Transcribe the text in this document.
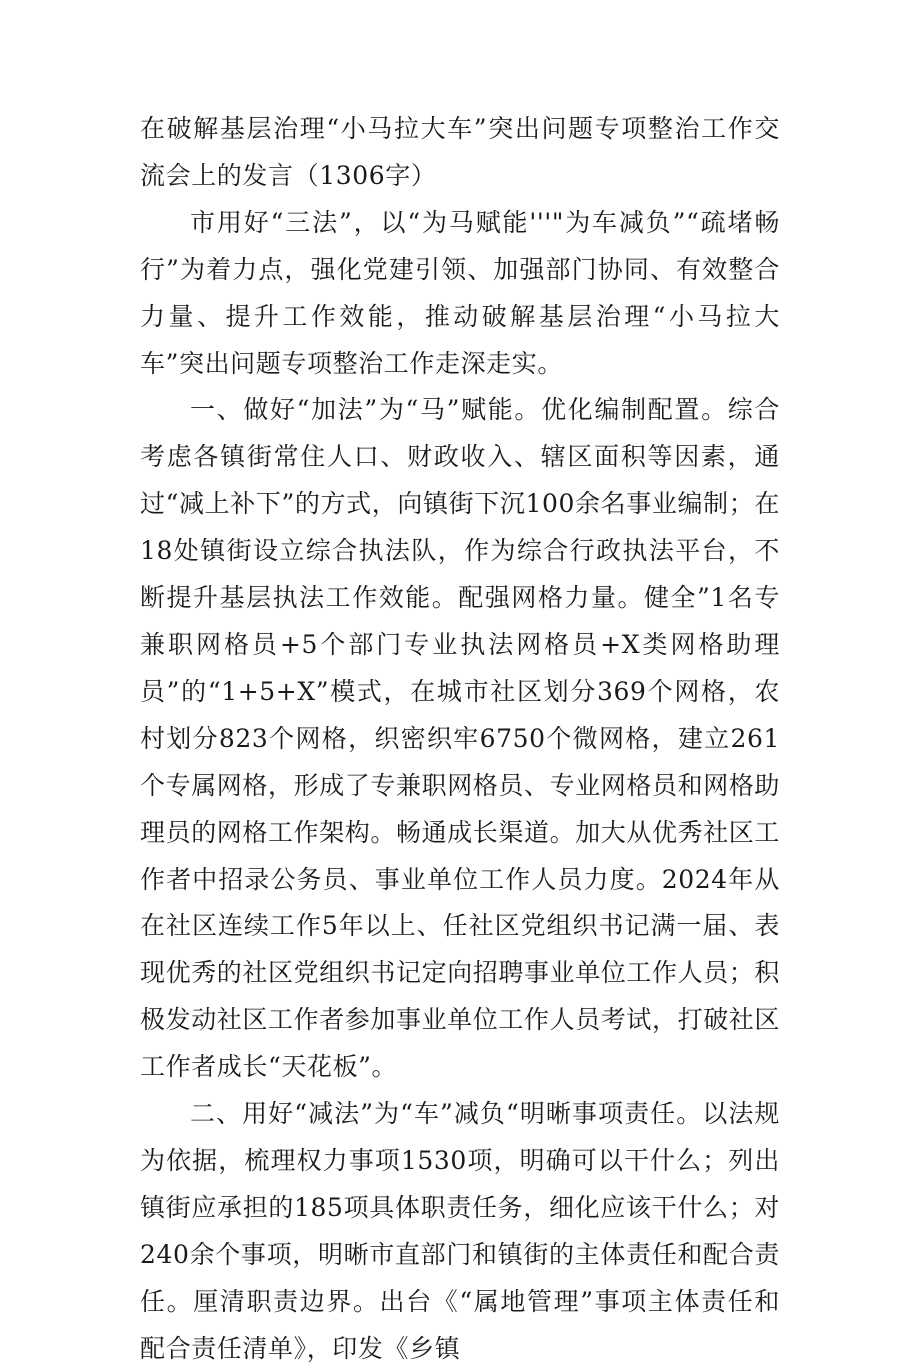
在破解基层治理“小马拉大车”突出问题专项整治工作交流会上的发言（1306字）

市用好“三法”，以“为马赋能'''"为车减负”“疏堵畅行”为着力点，强化党建引领、加强部门协同、有效整合力量、提升工作效能，推动破解基层治理“小马拉大车”突出问题专项整治工作走深走实。

一、做好“加法”为“马”赋能。优化编制配置。综合考虑各镇街常住人口、财政收入、辖区面积等因素，通过“减上补下”的方式，向镇街下沉100余名事业编制；在18处镇街设立综合执法队，作为综合行政执法平台，不断提升基层执法工作效能。配强网格力量。健全”1名专兼职网格员+5个部门专业执法网格员+X类网格助理员”的“1+5+X”模式，在城市社区划分369个网格，农村划分823个网格，织密织牢6750个微网格，建立261个专属网格，形成了专兼职网格员、专业网格员和网格助理员的网格工作架构。畅通成长渠道。加大从优秀社区工作者中招录公务员、事业单位工作人员力度。2024年从在社区连续工作5年以上、任社区党组织书记满一届、表现优秀的社区党组织书记定向招聘事业单位工作人员；积极发动社区工作者参加事业单位工作人员考试，打破社区工作者成长“天花板”。

二、用好“减法”为“车”减负“明晰事项责任。以法规为依据，梳理权力事项1530项，明确可以干什么；列出镇街应承担的185项具体职责任务，细化应该干什么；对240余个事项，明晰市直部门和镇街的主体责任和配合责任。厘清职责边界。出台《“属地管理”事项主体责任和配合责任清单》，印发《乡镇
